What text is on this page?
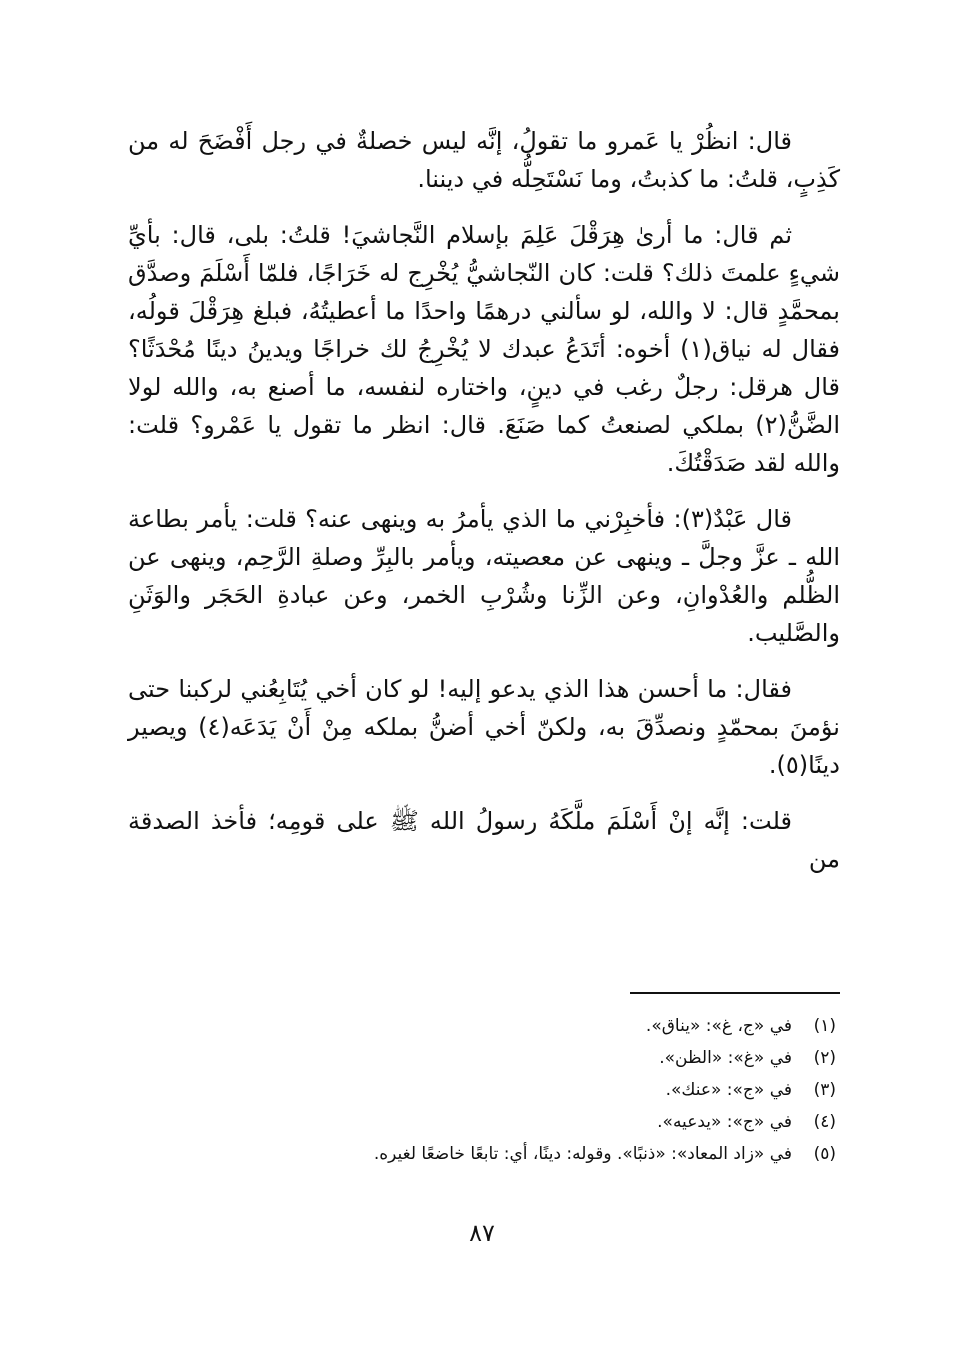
قال: انظُرْ يا عَمرو ما تقولُ، إنَّه ليس خصلةٌ في رجل أَفْضَحَ له من كَذِبٍ، قلتُ: ما كذبتُ، وما نَسْتَحِلُّه في ديننا.

ثم قال: ما أرىٰ هِرَقْلَ عَلِمَ بإسلام النَّجاشيَ! قلتُ: بلى، قال: بأيِّ شيءٍ علمتَ ذلك؟ قلت: كان النّجاشيُّ يُخْرِج له خَرَاجًا، فلمّا أَسْلَمَ وصدَّق بمحمَّدٍ قال: لا والله، لو سألني درهمًا واحدًا ما أعطيتُهُ، فبلغ هِرَقْلَ قولُه، فقال له نياق(١) أخوه: أتَدَعُ عبدك لا يُخْرِجُ لك خراجًا ويدينُ دينًا مُحْدَثًا؟ قال هرقل: رجلٌ رغب في دينٍ، واختاره لنفسه، ما أصنع به، والله لولا الضَّنُّ(٢) بملكي لصنعتُ كما صَنَعَ. قال: انظر ما تقول يا عَمْرو؟ قلت: والله لقد صَدَقْتُكَ.

قال عَبْدٌ(٣): فأخبِرْني ما الذي يأمرُ به وينهى عنه؟ قلت: يأمر بطاعة الله ـ عزَّ وجلَّ ـ وينهى عن معصيته، ويأمر بالبِرِّ وصلةِ الرَّحِم، وينهى عن الظُّلم والعُدْوانِ، وعن الزِّنا وشُرْبِ الخمر، وعن عبادةِ الحَجَر والوَثَنِ والصَّليب.

فقال: ما أحسن هذا الذي يدعو إليه! لو كان أخي يُتَابِعُني لركبنا حتى نؤمنَ بمحمّدٍ ونصدِّقَ به، ولكنّ أخي أضنُّ بملكه مِنْ أَنْ يَدَعَه(٤) ويصير دينًا(٥).

قلت: إنَّه إنْ أَسْلَمَ ملَّكَهُ رسولُ الله ﷺ على قومِه؛ فأخذ الصدقة من

(١)في «ج، غ»: «يناق».
(٢)في «غ»: «الظن».
(٣)في «ج»: «عنك».
(٤)في «ج»: «يدعيه».
(٥)في «زاد المعاد»: «ذنبًا». وقوله: دينًا، أي: تابعًا خاضعًا لغيره.
٨٧
